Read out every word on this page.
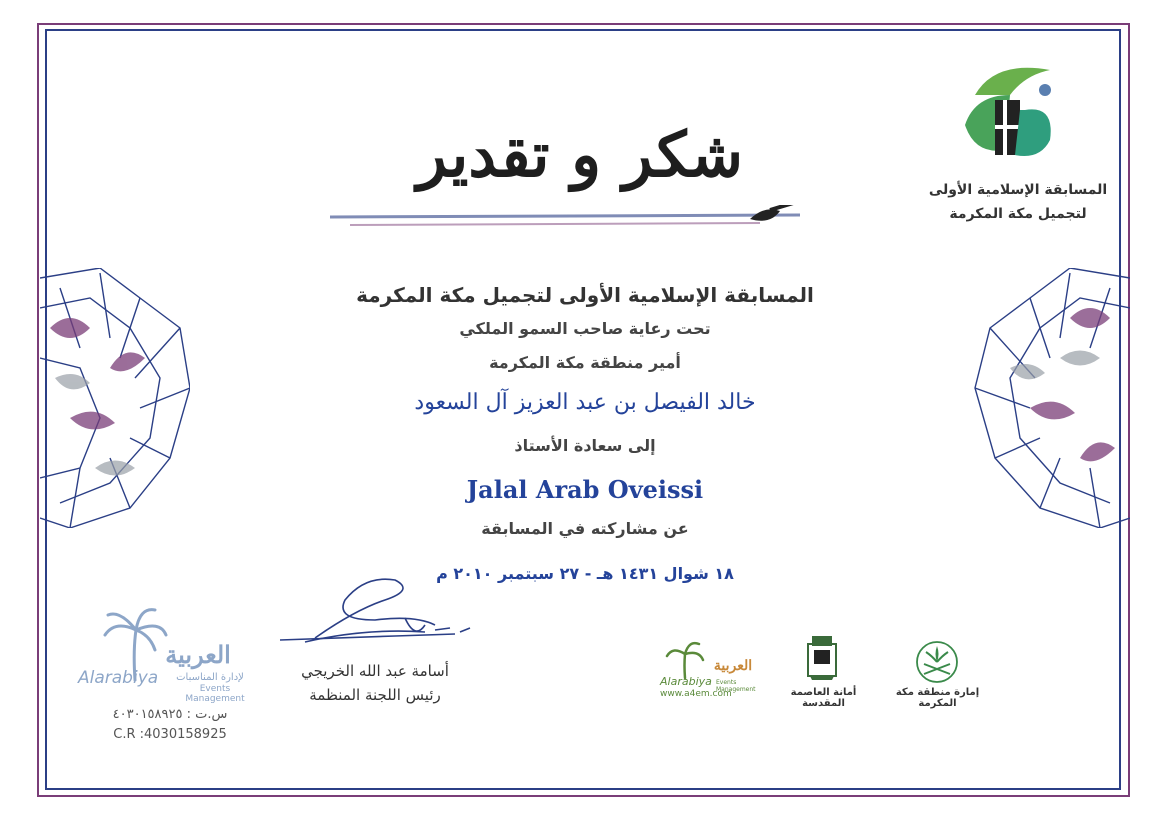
المسابقة الإسلامية الأولى
لتجميل مكة المكرمة
شكر و تقدير
المسابقة الإسلامية الأولى لتجميل مكة المكرمة
تحت رعاية صاحب السمو الملكي
أمير منطقة مكة المكرمة
خالد الفيصل بن عبد العزيز آل السعود
إلى سعادة الأستاذ
Jalal Arab Oveissi
عن مشاركته في المسابقة
١٨ شوال ١٤٣١ هـ - ٢٧ سبتمبر ٢٠١٠ م
أسامة عبد الله الخريجي
رئيس اللجنة المنظمة
العربية
Alarabiya	لإدارة المناسبات
Events Management
س.ت : ٤٠٣٠١٥٨٩٢٥
C.R :4030158925
العربية
Alarabiya Events Management
www.a4em.com	أمانة العاصمة المقدسة
إمارة منطقة مكة المكرمة
